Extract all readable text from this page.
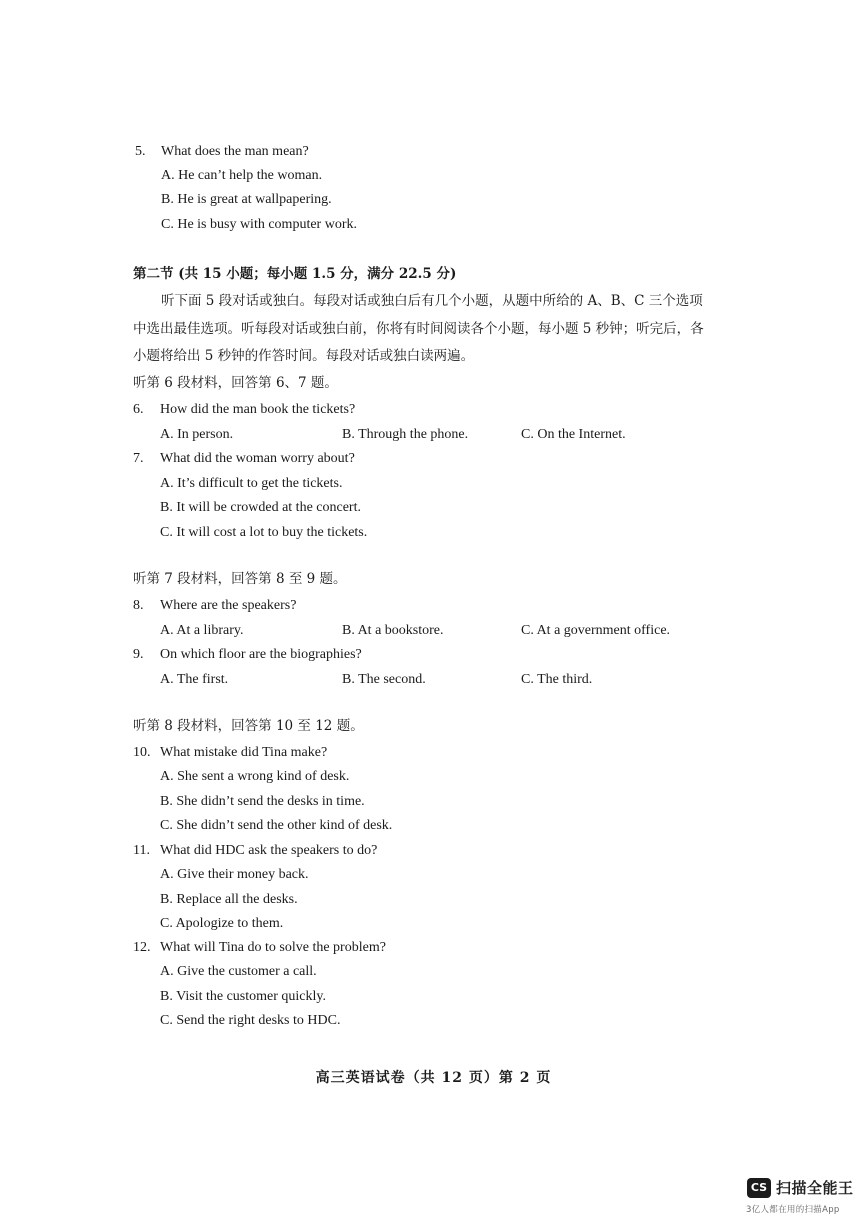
5. What does the man mean?
A. He can’t help the woman.
B. He is great at wallpapering.
C. He is busy with computer work.
第二节 (共 15 小题；每小题 1.5 分，满分 22.5 分)
听下面 5 段对话或独白。每段对话或独白后有几个小题，从题中所给的 A、B、C 三个选项
中选出最佳选项。听每段对话或独白前，你将有时间阅读各个小题，每小题 5 秒钟；听完后，各
小题将给出 5 秒钟的作答时间。每段对话或独白读两遍。
听第 6 段材料，回答第 6、7 题。
6. How did the man book the tickets?
A. In person.	B. Through the phone.	C. On the Internet.
7. What did the woman worry about?
A. It’s difficult to get the tickets.
B. It will be crowded at the concert.
C. It will cost a lot to buy the tickets.
听第 7 段材料，回答第 8 至 9 题。
8. Where are the speakers?
A. At a library.	B. At a bookstore.	C. At a government office.
9. On which floor are the biographies?
A. The first.	B. The second.	C. The third.
听第 8 段材料，回答第 10 至 12 题。
10. What mistake did Tina make?
A. She sent a wrong kind of desk.
B. She didn’t send the desks in time.
C. She didn’t send the other kind of desk.
11. What did HDC ask the speakers to do?
A. Give their money back.
B. Replace all the desks.
C. Apologize to them.
12. What will Tina do to solve the problem?
A. Give the customer a call.
B. Visit the customer quickly.
C. Send the right desks to HDC.
高三英语试卷（共 12 页）第 2 页
CS 扫描全能王
3亿人都在用的扫描App
